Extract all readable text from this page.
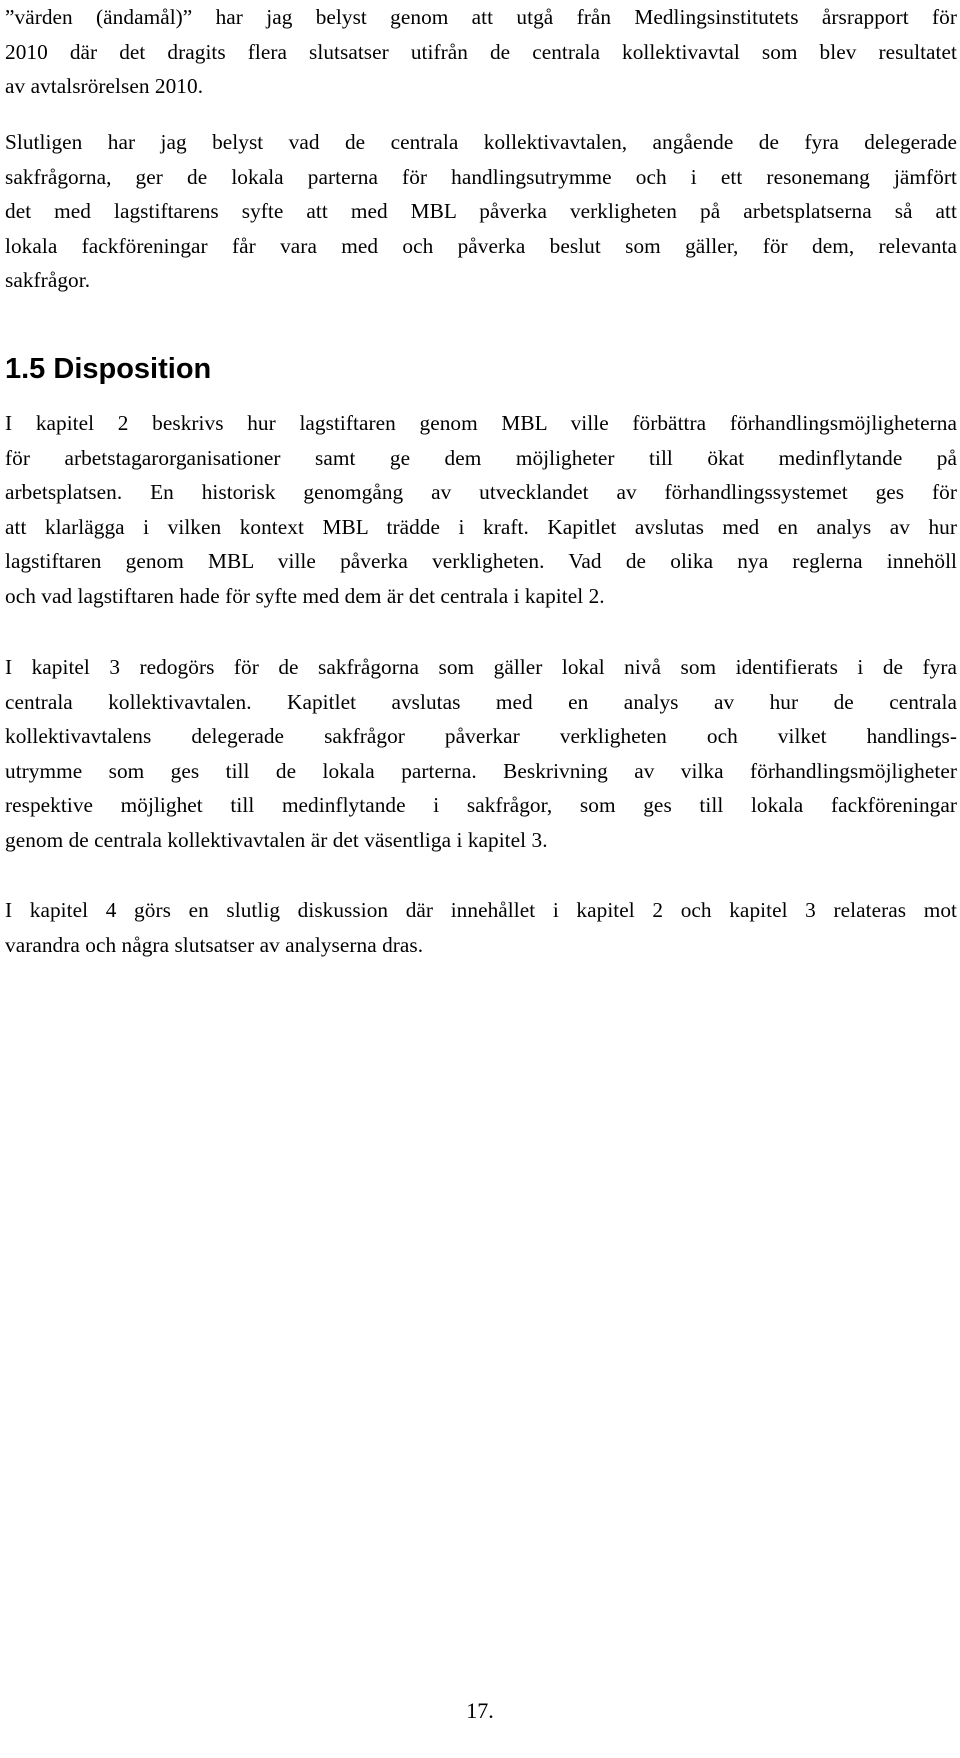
”värden (ändamål)” har jag belyst genom att utgå från Medlingsinstitutets årsrapport för
2010 där det dragits flera slutsatser utifrån de centrala kollektivavtal som blev resultatet
av avtalsrörelsen 2010.

Slutligen har jag belyst vad de centrala kollektivavtalen, angående de fyra delegerade
sakfrågorna, ger de lokala parterna för handlingsutrymme och i ett resonemang jämfört
det med lagstiftarens syfte att med MBL påverka verkligheten på arbetsplatserna så att
lokala fackföreningar får vara med och påverka beslut som gäller, för dem, relevanta
sakfrågor.

1.5 Disposition

I kapitel 2 beskrivs hur lagstiftaren genom MBL ville förbättra förhandlingsmöjligheterna
för arbetstagarorganisationer samt ge dem möjligheter till ökat medinflytande på
arbetsplatsen. En historisk genomgång av utvecklandet av förhandlingssystemet ges för
att klarlägga i vilken kontext MBL trädde i kraft. Kapitlet avslutas med en analys av hur
lagstiftaren genom MBL ville påverka verkligheten. Vad de olika nya reglerna innehöll
och vad lagstiftaren hade för syfte med dem är det centrala i kapitel 2.

I kapitel 3 redogörs för de sakfrågorna som gäller lokal nivå som identifierats i de fyra
centrala kollektivavtalen. Kapitlet avslutas med en analys av hur de centrala
kollektivavtalens delegerade sakfrågor påverkar verkligheten och vilket handlings-
utrymme som ges till de lokala parterna. Beskrivning av vilka förhandlingsmöjligheter
respektive möjlighet till medinflytande i sakfrågor, som ges till lokala fackföreningar
genom de centrala kollektivavtalen är det väsentliga i kapitel 3.

I kapitel 4 görs en slutlig diskussion där innehållet i kapitel 2 och kapitel 3 relateras mot
varandra och några slutsatser av analyserna dras.

17.
